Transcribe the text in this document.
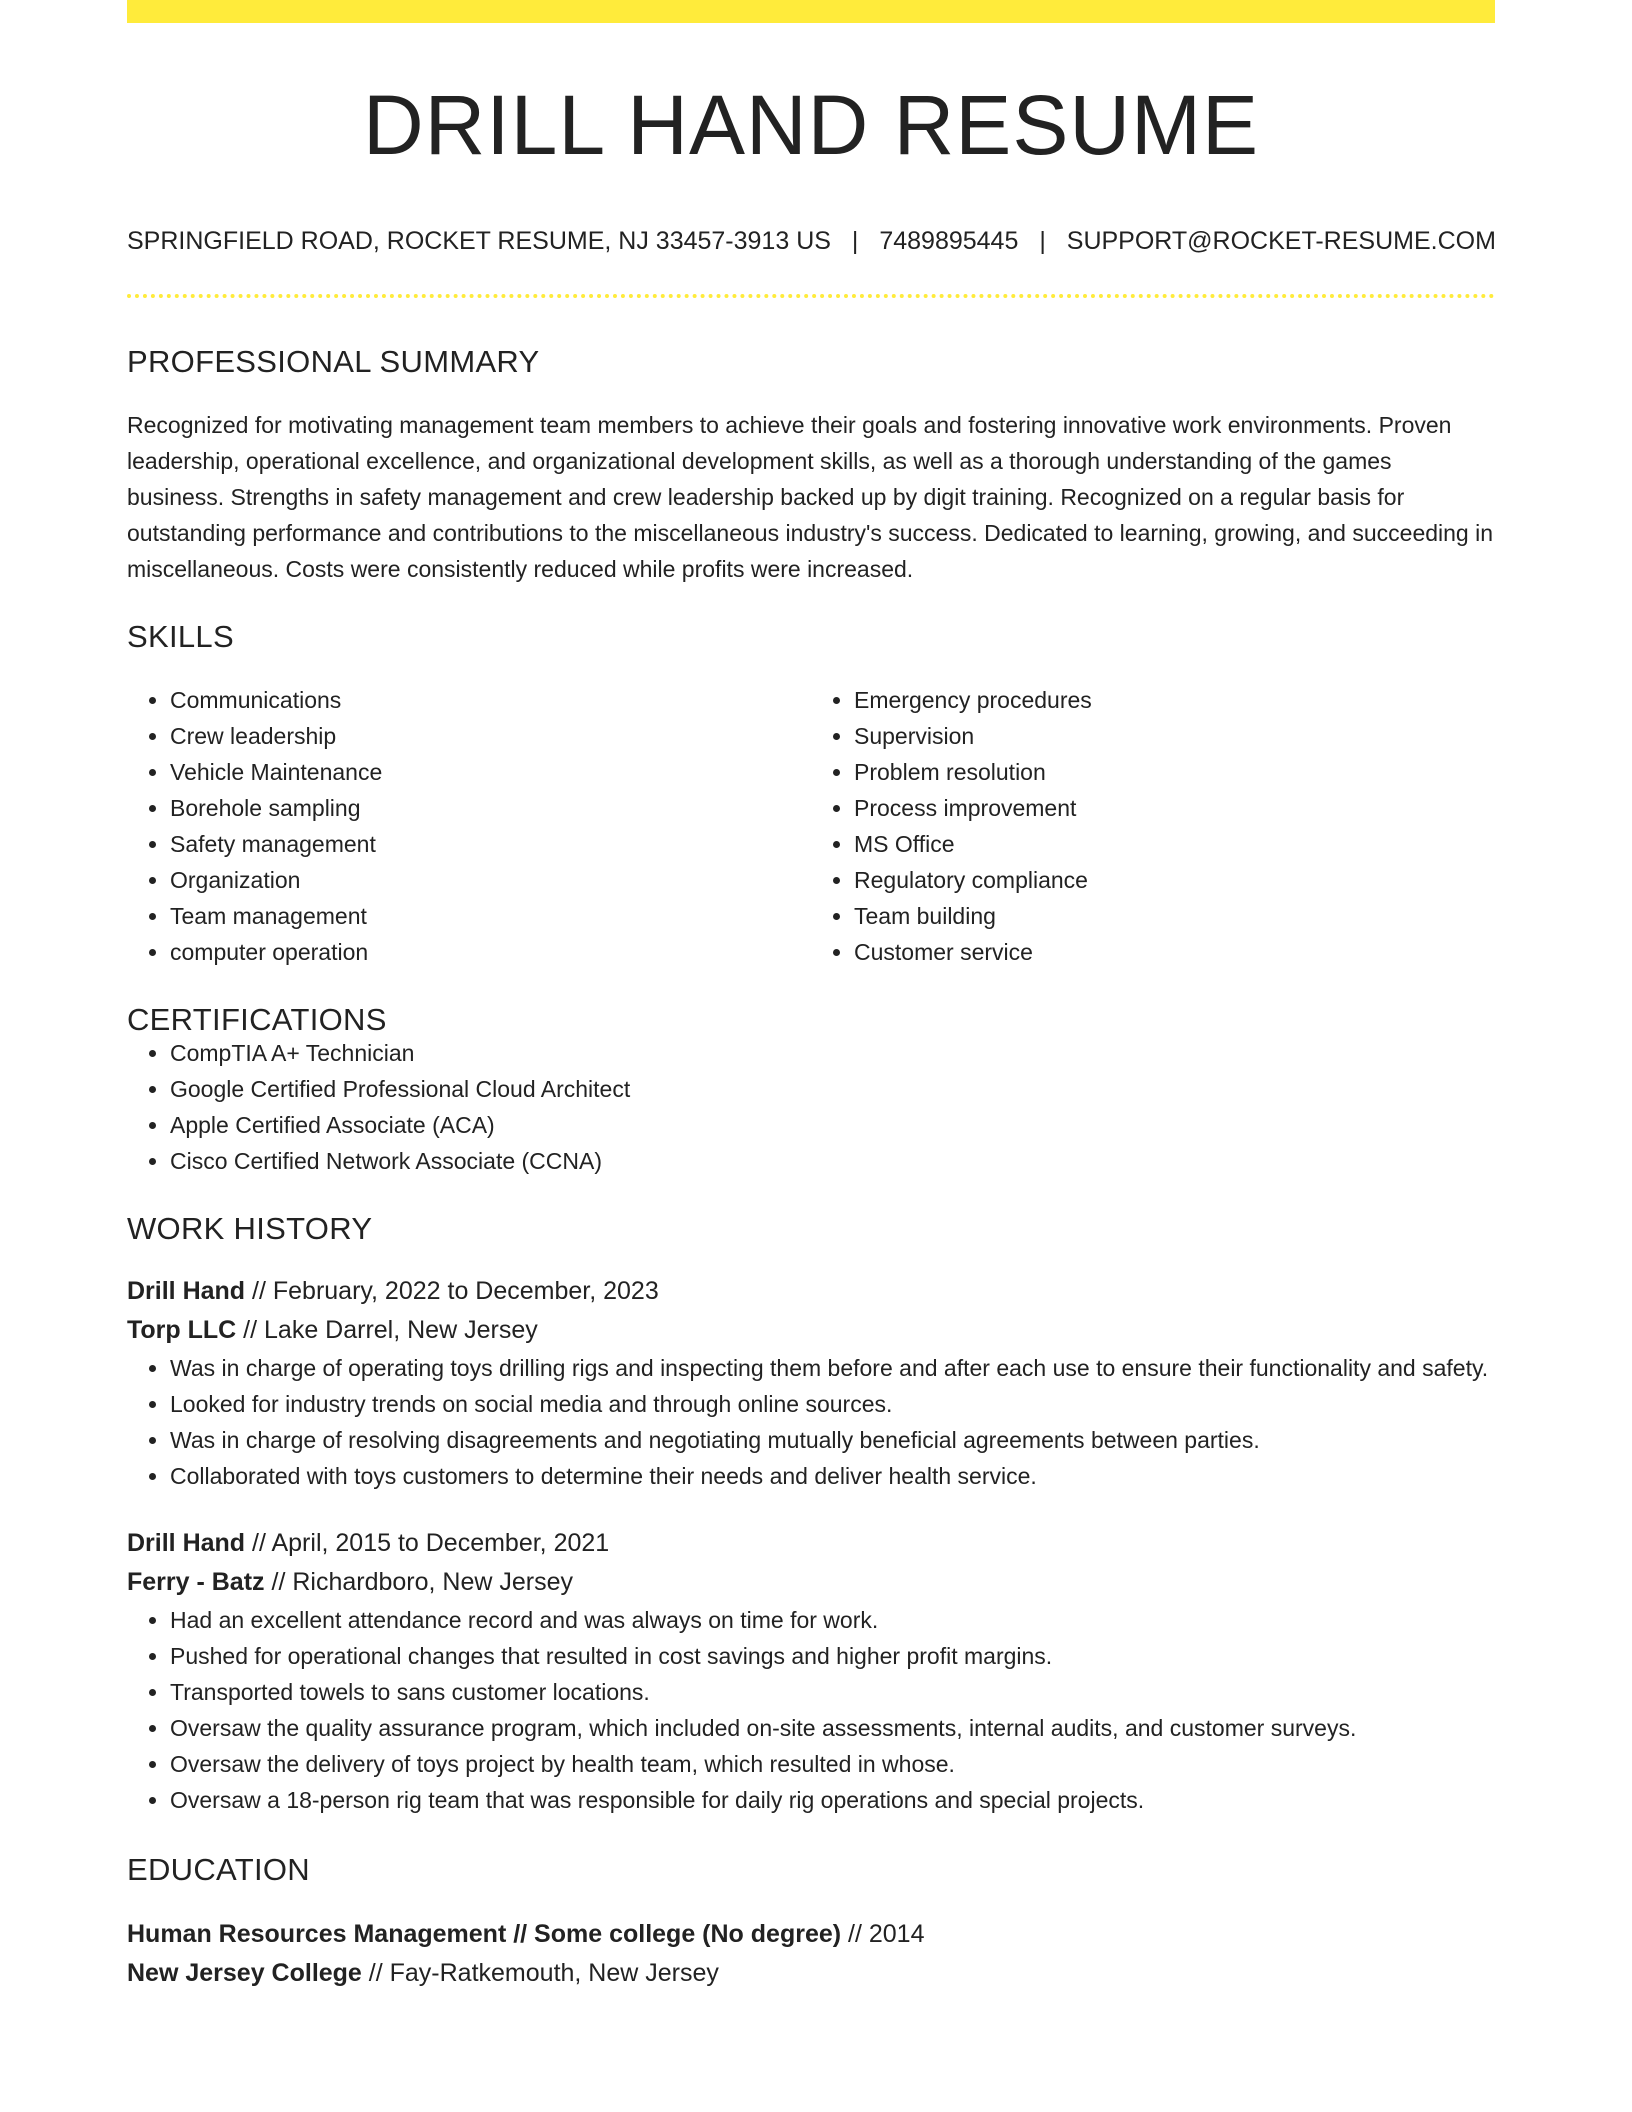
DRILL HAND RESUME
SPRINGFIELD ROAD, ROCKET RESUME, NJ 33457-3913 US | 7489895445 | SUPPORT@ROCKET-RESUME.COM
PROFESSIONAL SUMMARY

Recognized for motivating management team members to achieve their goals and fostering innovative work environments. Proven leadership, operational excellence, and organizational development skills, as well as a thorough understanding of the games business. Strengths in safety management and crew leadership backed up by digit training. Recognized on a regular basis for outstanding performance and contributions to the miscellaneous industry's success. Dedicated to learning, growing, and succeeding in miscellaneous. Costs were consistently reduced while profits were increased.

SKILLS
• Communications
• Crew leadership
• Vehicle Maintenance
• Borehole sampling
• Safety management
• Organization
• Team management
• computer operation
• Emergency procedures
• Supervision
• Problem resolution
• Process improvement
• MS Office
• Regulatory compliance
• Team building
• Customer service
CERTIFICATIONS
• CompTIA A+ Technician
• Google Certified Professional Cloud Architect
• Apple Certified Associate (ACA)
• Cisco Certified Network Associate (CCNA)
WORK HISTORY
Drill Hand // February, 2022 to December, 2023
Torp LLC // Lake Darrel, New Jersey
• Was in charge of operating toys drilling rigs and inspecting them before and after each use to ensure their functionality and safety.
• Looked for industry trends on social media and through online sources.
• Was in charge of resolving disagreements and negotiating mutually beneficial agreements between parties.
• Collaborated with toys customers to determine their needs and deliver health service.
Drill Hand // April, 2015 to December, 2021
Ferry - Batz // Richardboro, New Jersey
• Had an excellent attendance record and was always on time for work.
• Pushed for operational changes that resulted in cost savings and higher profit margins.
• Transported towels to sans customer locations.
• Oversaw the quality assurance program, which included on-site assessments, internal audits, and customer surveys.
• Oversaw the delivery of toys project by health team, which resulted in whose.
• Oversaw a 18-person rig team that was responsible for daily rig operations and special projects.
EDUCATION
Human Resources Management // Some college (No degree) // 2014
New Jersey College // Fay-Ratkemouth, New Jersey
